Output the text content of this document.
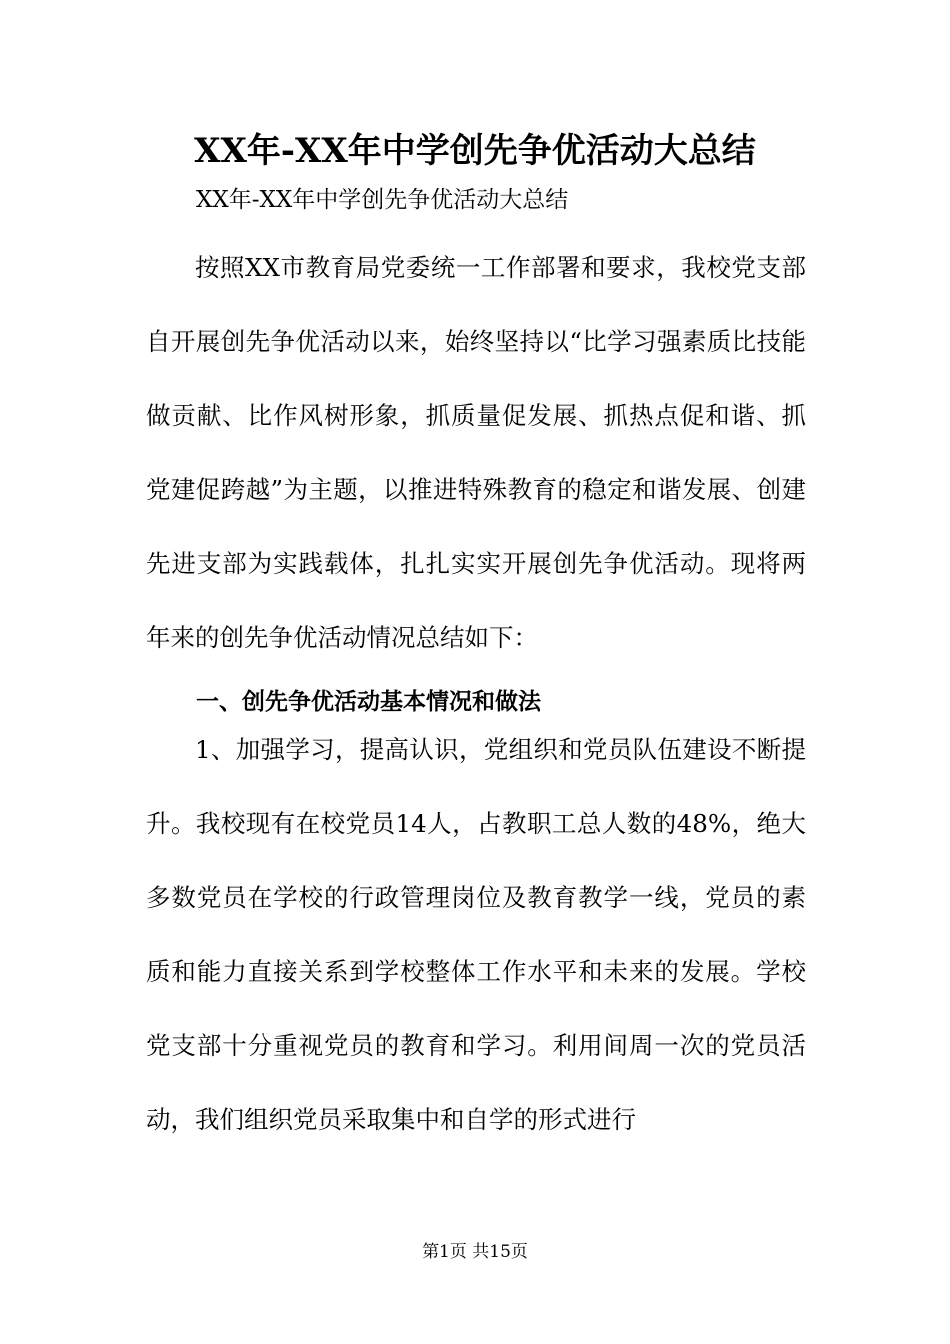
XX年-XX年中学创先争优活动大总结
XX年-XX年中学创先争优活动大总结

按照XX市教育局党委统一工作部署和要求，我校党支部自开展创先争优活动以来，始终坚持以“比学习强素质比技能做贡献、比作风树形象，抓质量促发展、抓热点促和谐、抓党建促跨越”为主题，以推进特殊教育的稳定和谐发展、创建先进支部为实践载体，扎扎实实开展创先争优活动。现将两年来的创先争优活动情况总结如下：

一、创先争优活动基本情况和做法

1、加强学习，提高认识，党组织和党员队伍建设不断提升。我校现有在校党员14人，占教职工总人数的48%，绝大多数党员在学校的行政管理岗位及教育教学一线，党员的素质和能力直接关系到学校整体工作水平和未来的发展。学校党支部十分重视党员的教育和学习。利用间周一次的党员活动，我们组织党员采取集中和自学的形式进行

第1页 共15页
